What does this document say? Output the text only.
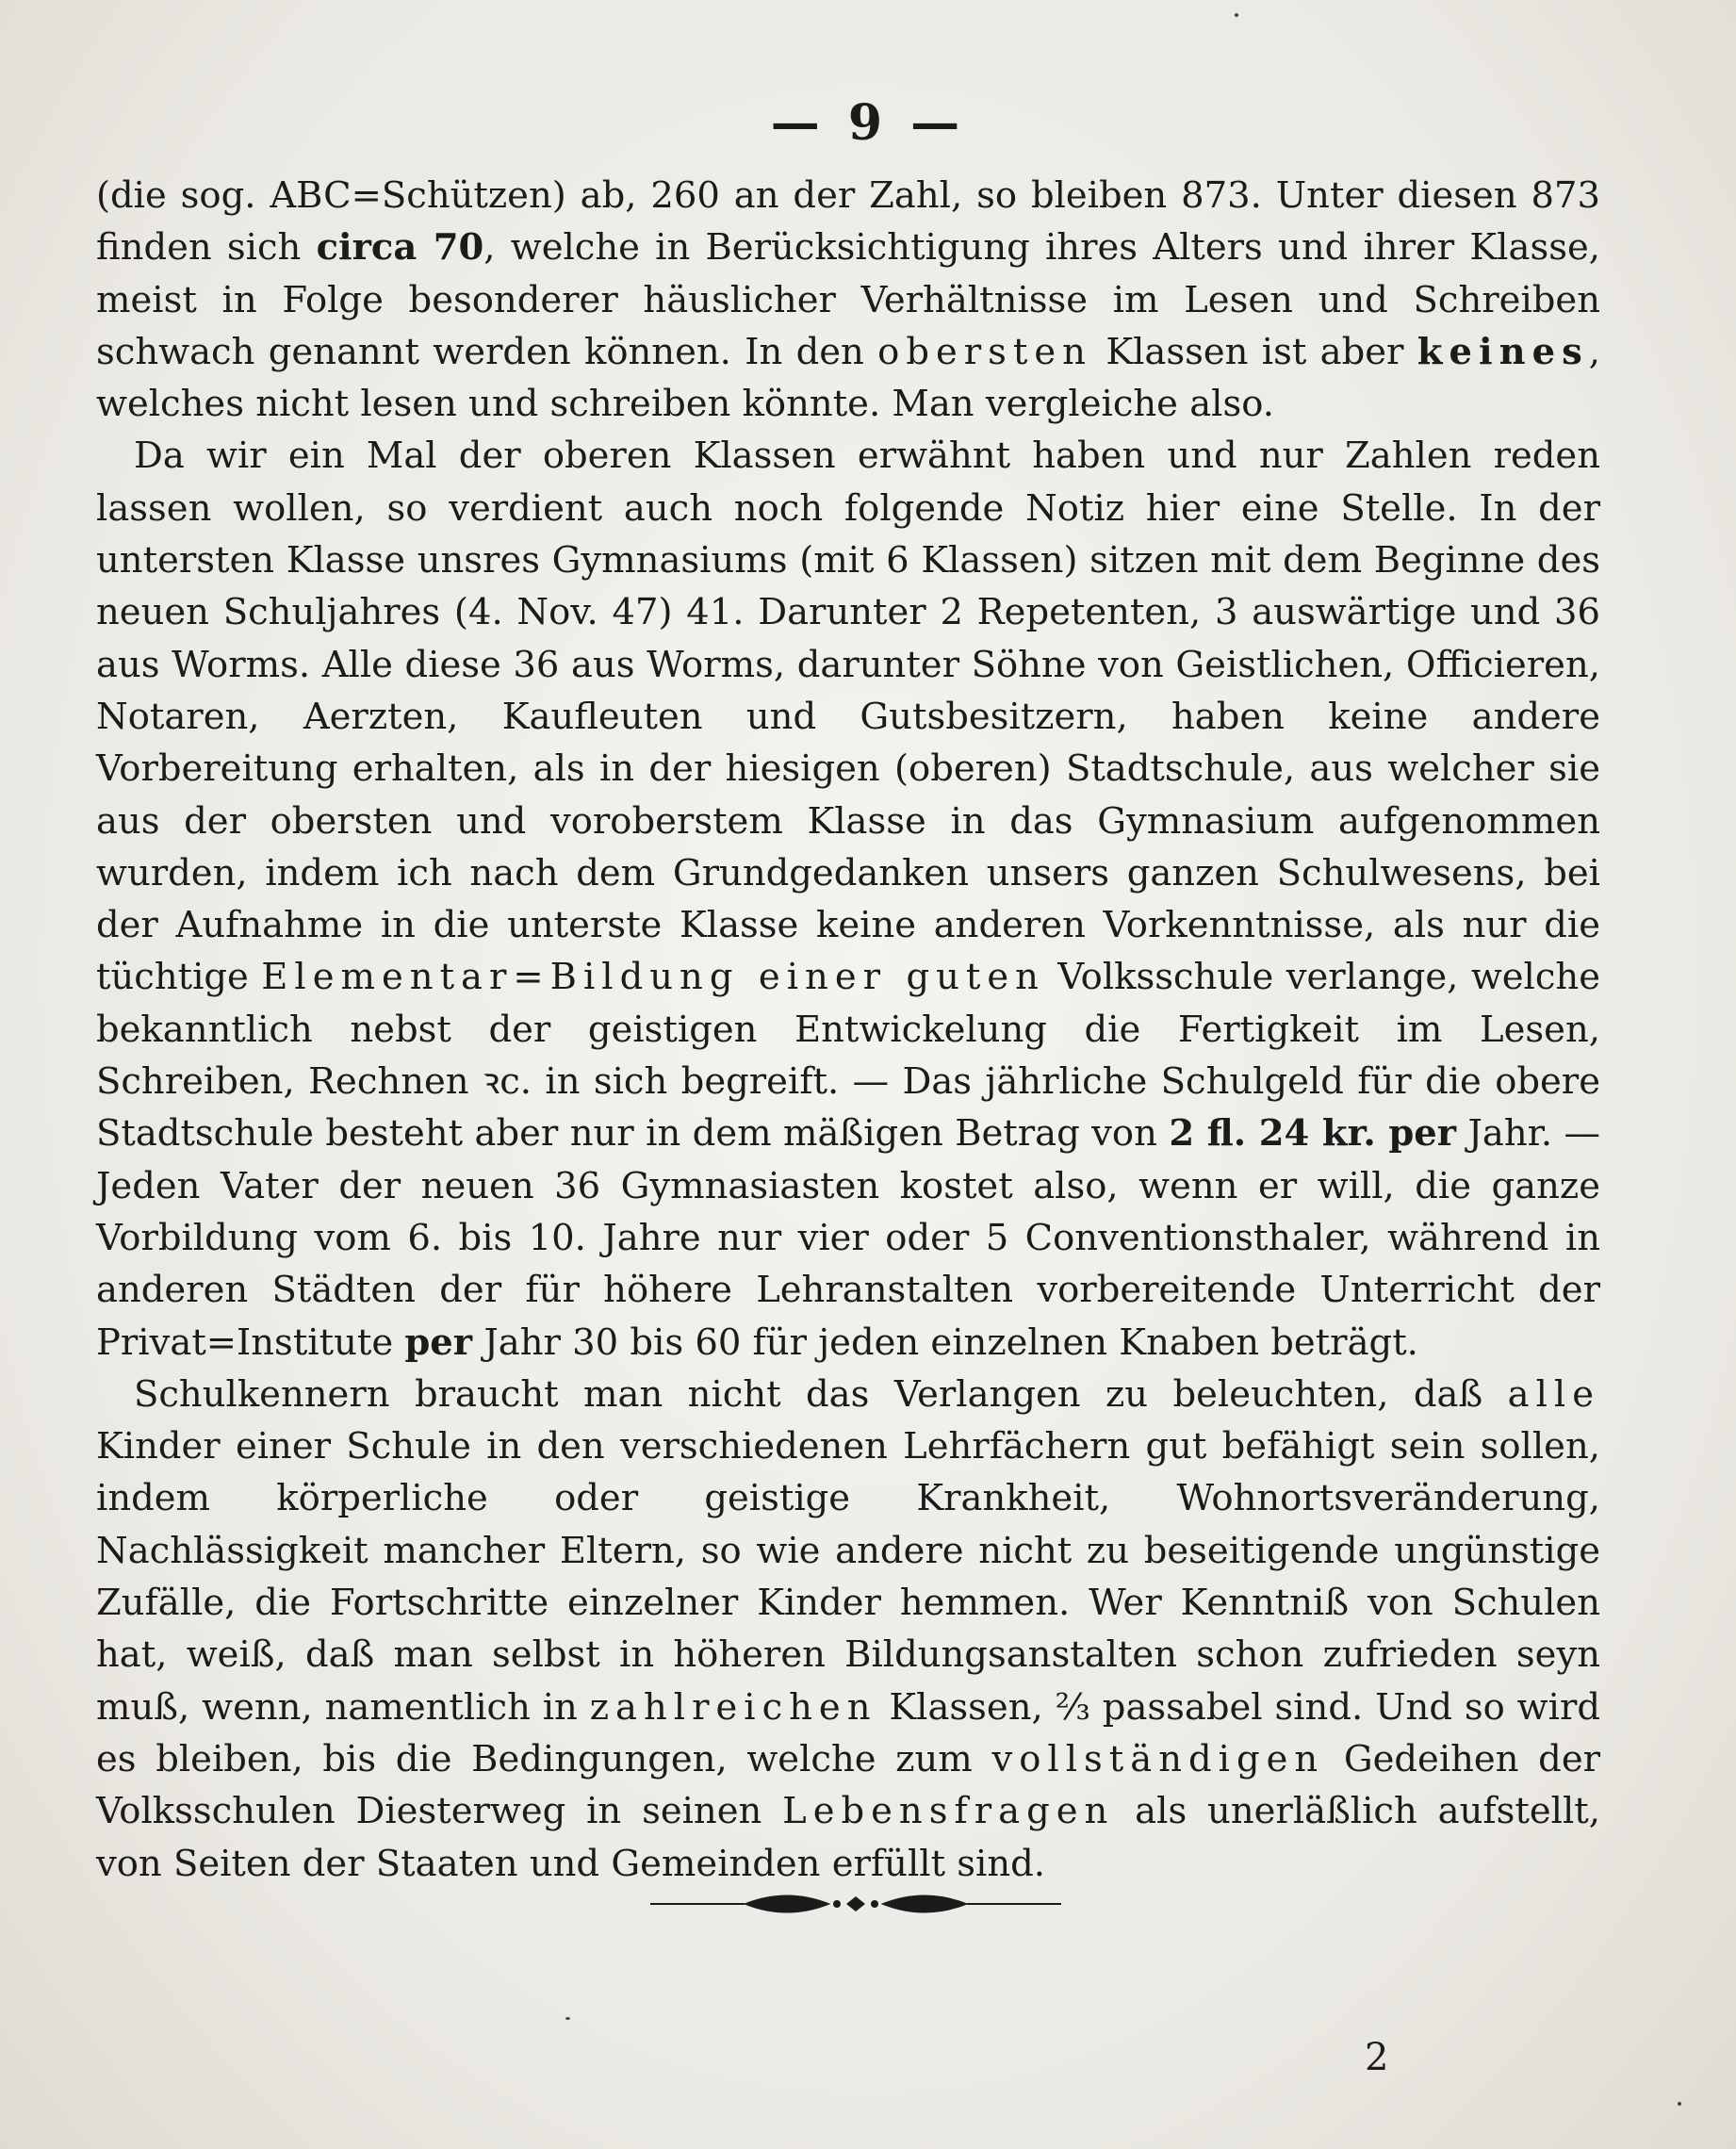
— 9 —

(die sog. ABC=Schützen) ab, 260 an der Zahl, so bleiben 873. Unter diesen 873 finden sich circa 70, welche in Berücksichtigung ihres Alters und ihrer Klasse, meist in Folge besonderer häuslicher Verhältnisse im Lesen und Schreiben schwach genannt werden können. In den obersten Klassen ist aber keines, welches nicht lesen und schreiben könnte. Man vergleiche also.

Da wir ein Mal der oberen Klassen erwähnt haben und nur Zahlen reden lassen wollen, so verdient auch noch folgende Notiz hier eine Stelle. In der untersten Klasse unsres Gymnasiums (mit 6 Klassen) sitzen mit dem Beginne des neuen Schuljahres (4. Nov. 47) 41. Darunter 2 Repetenten, 3 auswärtige und 36 aus Worms. Alle diese 36 aus Worms, darunter Söhne von Geistlichen, Officieren, Notaren, Aerzten, Kaufleuten und Gutsbesitzern, haben keine andere Vorbereitung erhalten, als in der hiesigen (oberen) Stadtschule, aus welcher sie aus der obersten und voroberstem Klasse in das Gymnasium aufgenommen wurden, indem ich nach dem Grundgedanken unsers ganzen Schulwesens, bei der Aufnahme in die unterste Klasse keine anderen Vorkenntnisse, als nur die tüchtige Elementar=Bildung einer guten Volksschule verlange, welche bekanntlich nebst der geistigen Entwickelung die Fertigkeit im Lesen, Schreiben, Rechnen ꝛc. in sich begreift. — Das jährliche Schulgeld für die obere Stadtschule besteht aber nur in dem mäßigen Betrag von 2 fl. 24 kr. per Jahr. — Jeden Vater der neuen 36 Gymnasiasten kostet also, wenn er will, die ganze Vorbildung vom 6. bis 10. Jahre nur vier oder 5 Conventionsthaler, während in anderen Städten der für höhere Lehranstalten vorbereitende Unterricht der Privat=Institute per Jahr 30 bis 60 für jeden einzelnen Knaben beträgt.

Schulkennern braucht man nicht das Verlangen zu beleuchten, daß alle Kinder einer Schule in den verschiedenen Lehrfächern gut befähigt sein sollen, indem körperliche oder geistige Krankheit, Wohnortsveränderung, Nachlässigkeit mancher Eltern, so wie andere nicht zu beseitigende ungünstige Zufälle, die Fortschritte einzelner Kinder hemmen. Wer Kenntniß von Schulen hat, weiß, daß man selbst in höheren Bildungsanstalten schon zufrieden seyn muß, wenn, namentlich in zahlreichen Klassen, ⅔ passabel sind. Und so wird es bleiben, bis die Bedingungen, welche zum vollständigen Gedeihen der Volksschulen Diesterweg in seinen Lebensfragen als unerläßlich aufstellt, von Seiten der Staaten und Gemeinden erfüllt sind.

2
